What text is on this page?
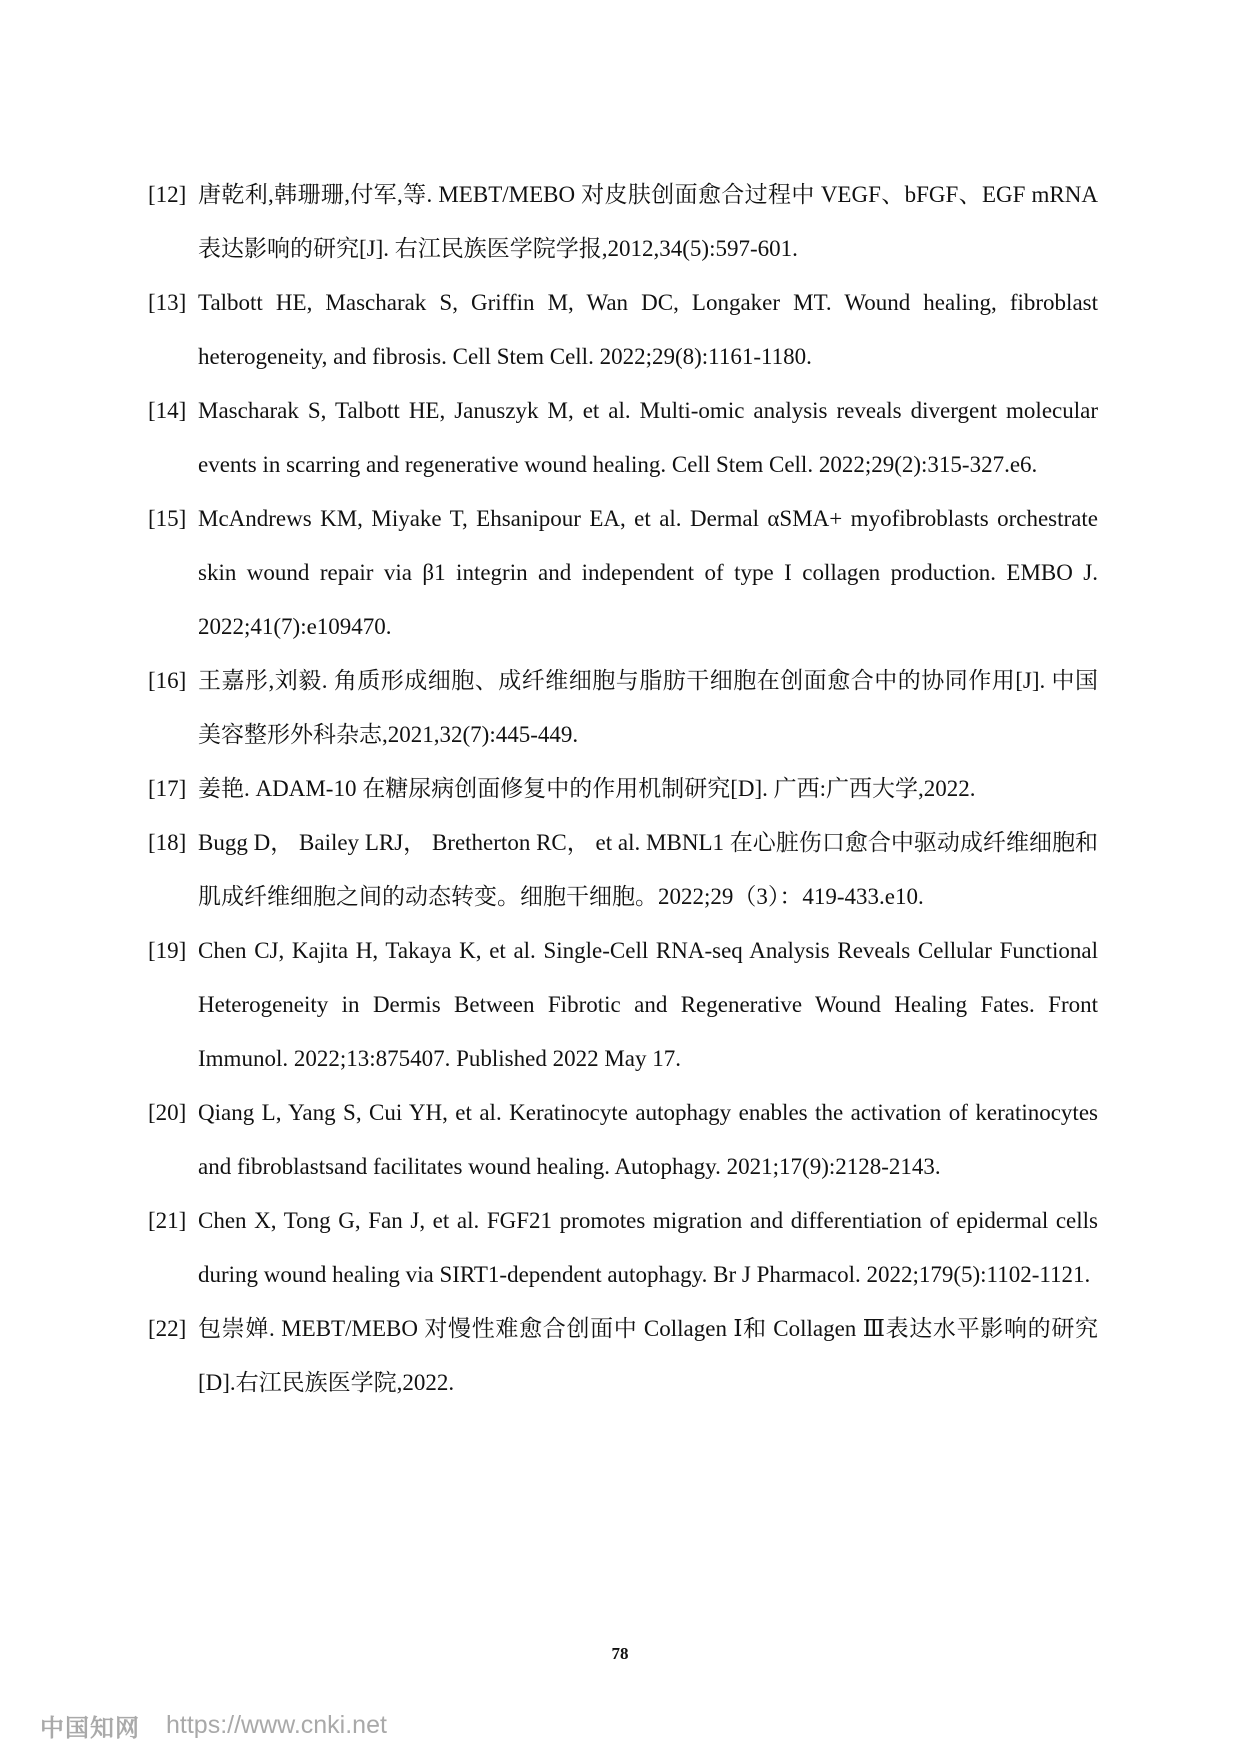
[12] 唐乾利,韩珊珊,付军,等. MEBT/MEBO 对皮肤创面愈合过程中 VEGF、bFGF、EGF mRNA 表达影响的研究[J]. 右江民族医学院学报,2012,34(5):597-601.
[13] Talbott HE, Mascharak S, Griffin M, Wan DC, Longaker MT. Wound healing, fibroblast heterogeneity, and fibrosis. Cell Stem Cell. 2022;29(8):1161-1180.
[14] Mascharak S, Talbott HE, Januszyk M, et al. Multi-omic analysis reveals divergent molecular events in scarring and regenerative wound healing. Cell Stem Cell. 2022;29(2):315-327.e6.
[15] McAndrews KM, Miyake T, Ehsanipour EA, et al. Dermal αSMA+ myofibroblasts orchestrate skin wound repair via β1 integrin and independent of type I collagen production. EMBO J. 2022;41(7):e109470.
[16] 王嘉彤,刘毅. 角质形成细胞、成纤维细胞与脂肪干细胞在创面愈合中的协同作用[J]. 中国美容整形外科杂志,2021,32(7):445-449.
[17] 姜艳. ADAM-10 在糖尿病创面修复中的作用机制研究[D]. 广西:广西大学,2022.
[18] Bugg D， Bailey LRJ， Bretherton RC， et al. MBNL1 在心脏伤口愈合中驱动成纤维细胞和肌成纤维细胞之间的动态转变。细胞干细胞。2022;29（3）：419-433.e10.
[19] Chen CJ, Kajita H, Takaya K, et al. Single-Cell RNA-seq Analysis Reveals Cellular Functional Heterogeneity in Dermis Between Fibrotic and Regenerative Wound Healing Fates. Front Immunol. 2022;13:875407. Published 2022 May 17.
[20] Qiang L, Yang S, Cui YH, et al. Keratinocyte autophagy enables the activation of keratinocytes and fibroblastsand facilitates wound healing. Autophagy. 2021;17(9):2128-2143.
[21] Chen X, Tong G, Fan J, et al. FGF21 promotes migration and differentiation of epidermal cells during wound healing via SIRT1-dependent autophagy. Br J Pharmacol. 2022;179(5):1102-1121.
[22] 包崇婵. MEBT/MEBO 对慢性难愈合创面中 Collagen Ⅰ和 Collagen Ⅲ表达水平影响的研究[D].右江民族医学院,2022.
78
中国知网 https://www.cnki.net
